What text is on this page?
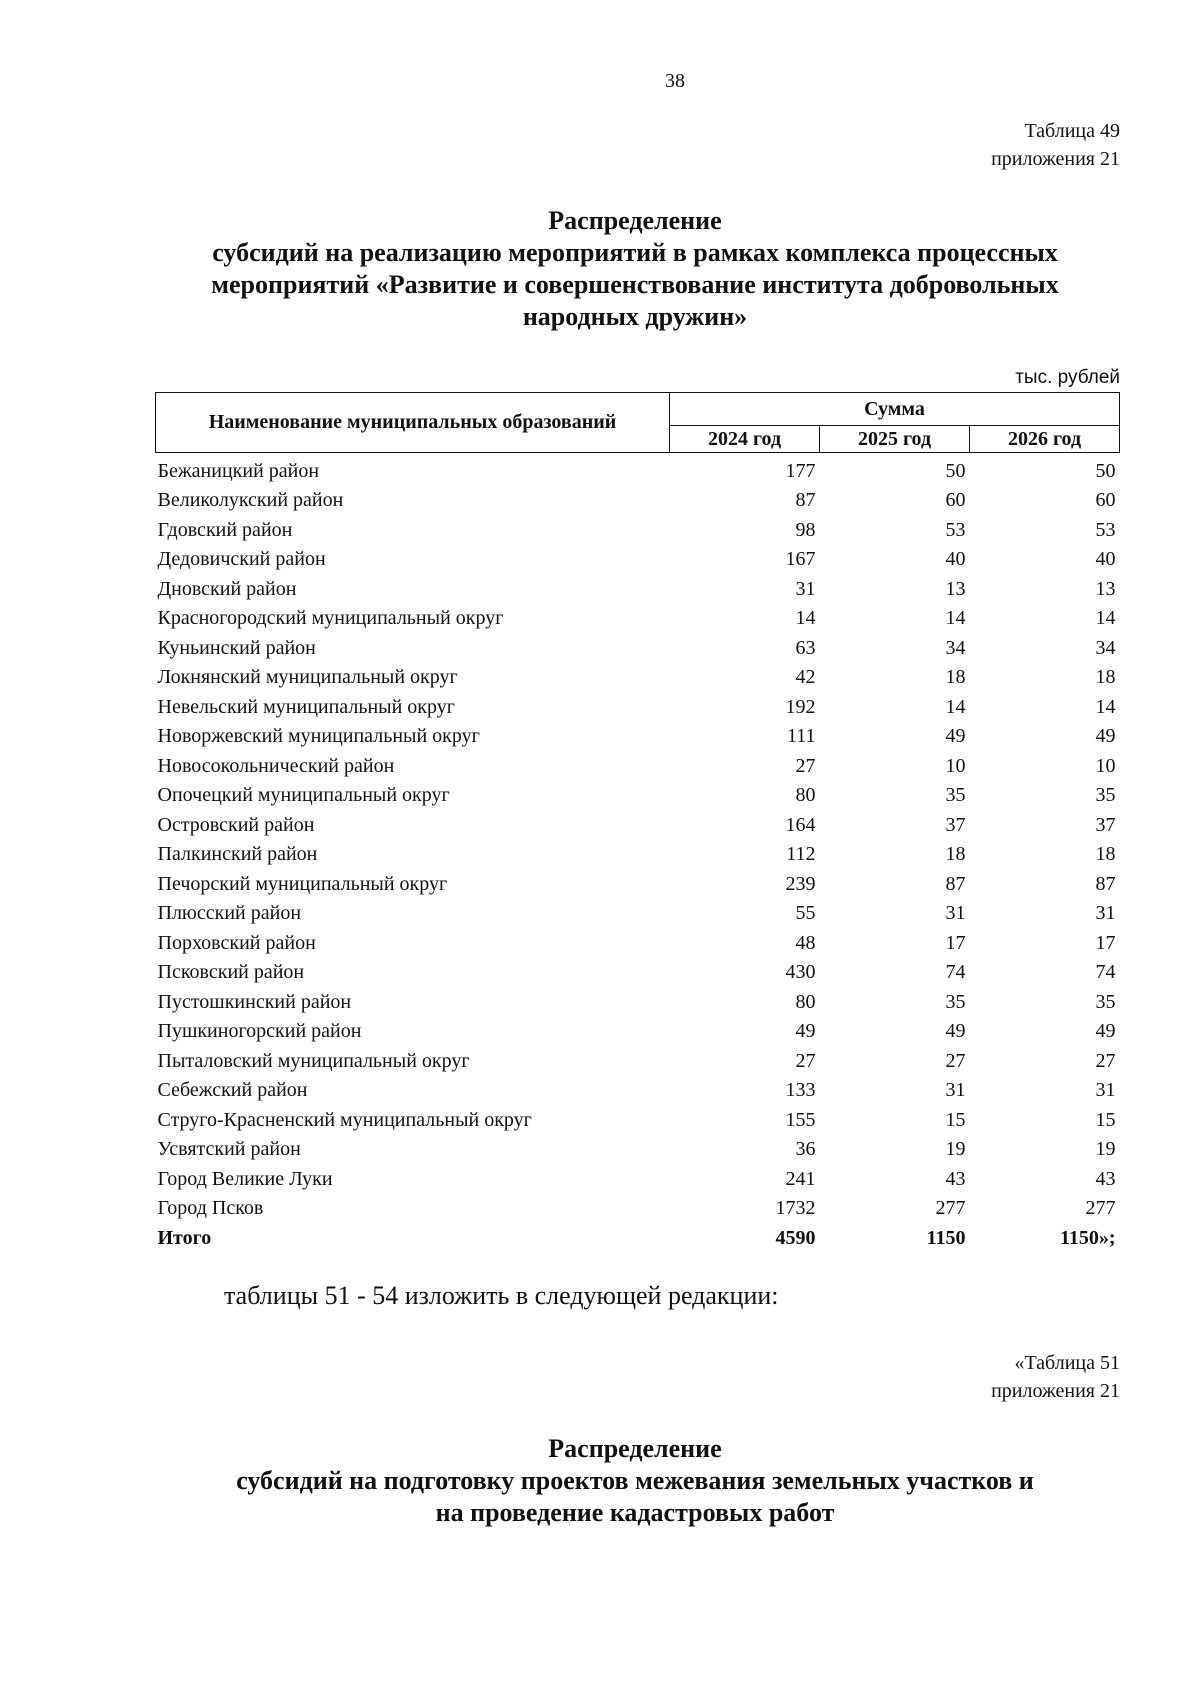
38
Таблица 49
приложения 21
Распределение
субсидий на реализацию мероприятий в рамках комплекса процессных
мероприятий «Развитие и совершенствование института добровольных
народных дружин»
тыс. рублей
Наименование муниципальных образований	Сумма		
	2024 год	2025 год	2026 год
Бежаницкий район	177	50	50
Великолукский район	87	60	60
Гдовский район	98	53	53
Дедовичский район	167	40	40
Дновский район	31	13	13
Красногородский муниципальный округ	14	14	14
Куньинский район	63	34	34
Локнянский муниципальный округ	42	18	18
Невельский муниципальный округ	192	14	14
Новоржевский муниципальный округ	111	49	49
Новосокольнический район	27	10	10
Опочецкий муниципальный округ	80	35	35
Островский район	164	37	37
Палкинский район	112	18	18
Печорский муниципальный округ	239	87	87
Плюсский район	55	31	31
Порховский район	48	17	17
Псковский район	430	74	74
Пустошкинский район	80	35	35
Пушкиногорский район	49	49	49
Пыталовский муниципальный округ	27	27	27
Себежский район	133	31	31
Струго-Красненский муниципальный округ	155	15	15
Усвятский район	36	19	19
Город Великие Луки	241	43	43
Город Псков	1732	277	277
Итого	4590	1150	1150»;
таблицы 51 - 54 изложить в следующей редакции:
«Таблица 51
приложения 21
Распределение
субсидий на подготовку проектов межевания земельных участков и
на проведение кадастровых работ
